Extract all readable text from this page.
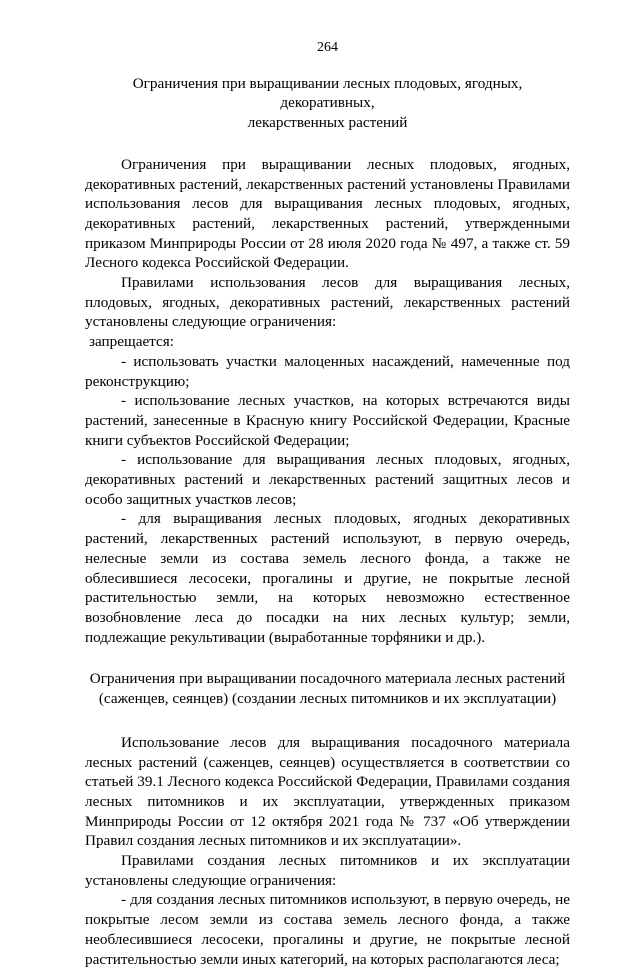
264
Ограничения при выращивании лесных плодовых, ягодных, декоративных,
лекарственных растений

Ограничения при выращивании лесных плодовых, ягодных, декоративных растений, лекарственных растений установлены Правилами использования лесов для выращивания лесных плодовых, ягодных, декоративных растений, лекарственных растений, утвержденными приказом Минприроды России от 28 июля 2020 года № 497, а также ст. 59 Лесного кодекса Российской Федерации.

Правилами использования лесов для выращивания лесных, плодовых, ягодных, декоративных растений, лекарственных растений установлены следующие ограничения:

запрещается:

- использовать участки малоценных насаждений, намеченные под реконструкцию;

- использование лесных участков, на которых встречаются виды растений, занесенные в Красную книгу Российской Федерации, Красные книги субъектов Российской Федерации;

- использование для выращивания лесных плодовых, ягодных, декоративных растений и лекарственных растений защитных лесов и особо защитных участков лесов;

- для выращивания лесных плодовых, ягодных декоративных растений, лекарственных растений используют, в первую очередь, нелесные земли из состава земель лесного фонда, а также не облесившиеся лесосеки, прогалины и другие, не покрытые лесной растительностью земли, на которых невозможно естественное возобновление леса до посадки на них лесных культур; земли, подлежащие рекультивации (выработанные торфяники и др.).

Ограничения при выращивании посадочного материала лесных растений
(саженцев, сеянцев) (создании лесных питомников и их эксплуатации)

Использование лесов для выращивания посадочного материала лесных растений (саженцев, сеянцев) осуществляется в соответствии со статьей 39.1 Лесного кодекса Российской Федерации, Правилами создания лесных питомников и их эксплуатации, утвержденных приказом Минприроды России от 12 октября 2021 года № 737 «Об утверждении Правил создания лесных питомников и их эксплуатации».

Правилами создания лесных питомников и их эксплуатации установлены следующие ограничения:

- для создания лесных питомников используют, в первую очередь, не покрытые лесом земли из состава земель лесного фонда, а также необлесившиеся лесосеки, прогалины и другие, не покрытые лесной растительностью земли иных категорий, на которых располагаются леса;
